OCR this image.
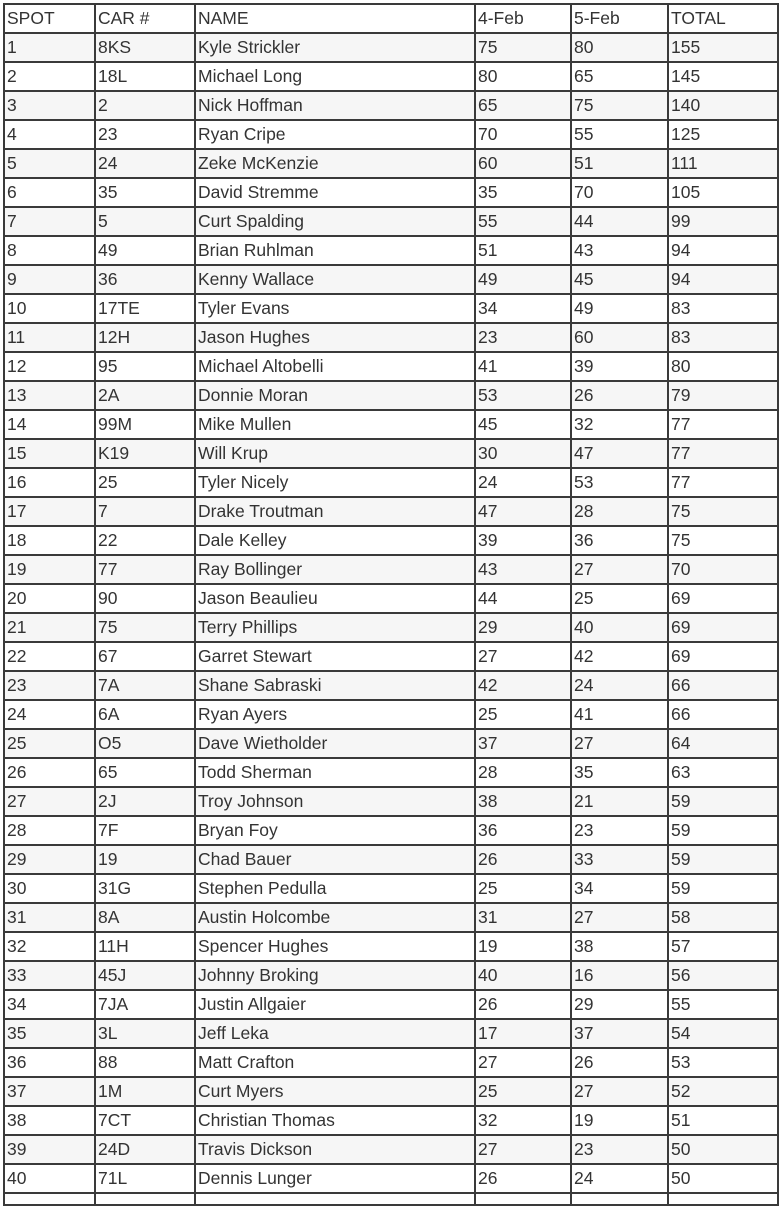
SPOT	CAR #	NAME	4-Feb	5-Feb	TOTAL
1	8KS	Kyle Strickler	75	80	155
2	18L	Michael Long	80	65	145
3	2	Nick Hoffman	65	75	140
4	23	Ryan Cripe	70	55	125
5	24	Zeke McKenzie	60	51	111
6	35	David Stremme	35	70	105
7	5	Curt Spalding	55	44	99
8	49	Brian Ruhlman	51	43	94
9	36	Kenny Wallace	49	45	94
10	17TE	Tyler Evans	34	49	83
11	12H	Jason Hughes	23	60	83
12	95	Michael Altobelli	41	39	80
13	2A	Donnie Moran	53	26	79
14	99M	Mike Mullen	45	32	77
15	K19	Will Krup	30	47	77
16	25	Tyler Nicely	24	53	77
17	7	Drake Troutman	47	28	75
18	22	Dale Kelley	39	36	75
19	77	Ray Bollinger	43	27	70
20	90	Jason Beaulieu	44	25	69
21	75	Terry Phillips	29	40	69
22	67	Garret Stewart	27	42	69
23	7A	Shane Sabraski	42	24	66
24	6A	Ryan Ayers	25	41	66
25	O5	Dave Wietholder	37	27	64
26	65	Todd Sherman	28	35	63
27	2J	Troy Johnson	38	21	59
28	7F	Bryan Foy	36	23	59
29	19	Chad Bauer	26	33	59
30	31G	Stephen Pedulla	25	34	59
31	8A	Austin Holcombe	31	27	58
32	11H	Spencer Hughes	19	38	57
33	45J	Johnny Broking	40	16	56
34	7JA	Justin Allgaier	26	29	55
35	3L	Jeff Leka	17	37	54
36	88	Matt Crafton	27	26	53
37	1M	Curt Myers	25	27	52
38	7CT	Christian Thomas	32	19	51
39	24D	Travis Dickson	27	23	50
40	71L	Dennis Lunger	26	24	50
